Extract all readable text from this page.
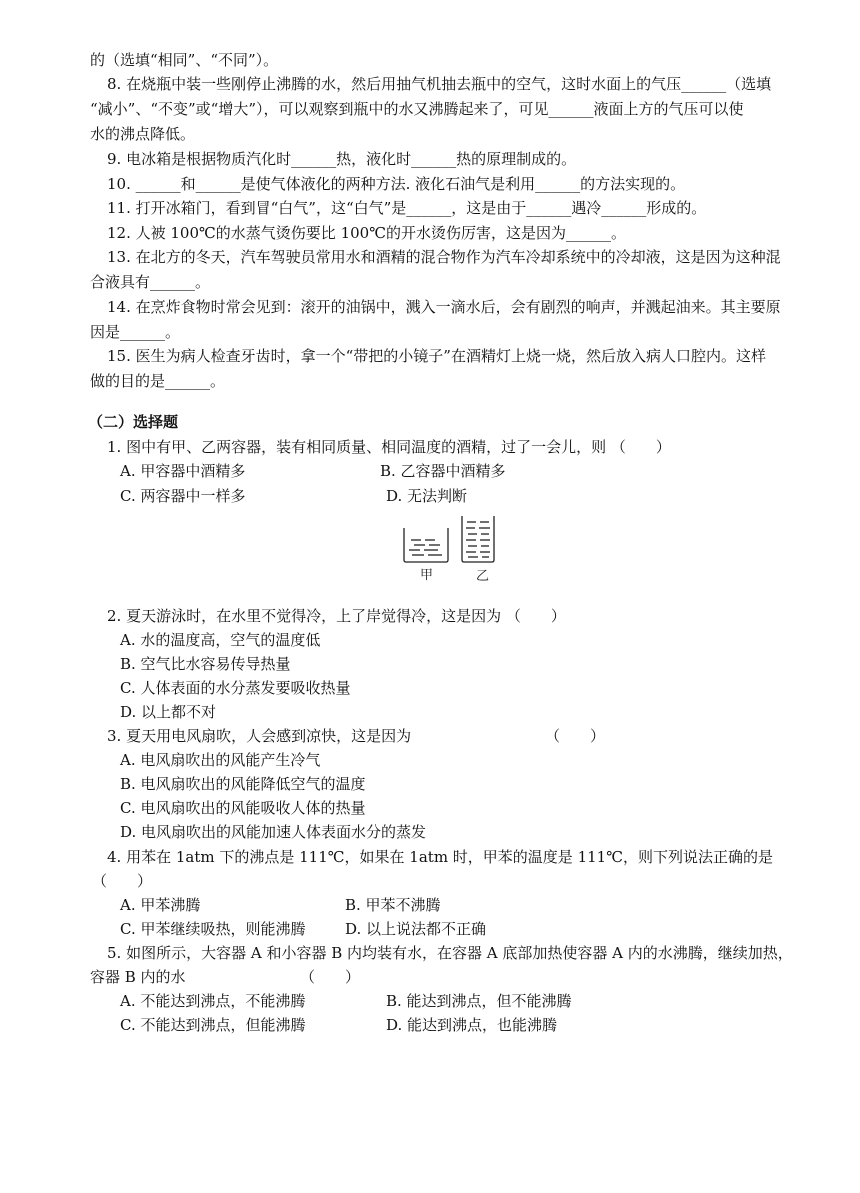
的（选填“相同”、“不同”）。
8. 在烧瓶中装一些刚停止沸腾的水，然后用抽气机抽去瓶中的空气，这时水面上的气压______（选填
“减小”、“不变”或“增大”），可以观察到瓶中的水又沸腾起来了，可见______液面上方的气压可以使
水的沸点降低。
9. 电冰箱是根据物质汽化时______热，液化时______热的原理制成的。
10. ______和______是使气体液化的两种方法. 液化石油气是利用______的方法实现的。
11. 打开冰箱门，看到冒“白气”，这“白气”是______，这是由于______遇冷______形成的。
12. 人被 100℃的水蒸气烫伤要比 100℃的开水烫伤厉害，这是因为______。
13. 在北方的冬天，汽车驾驶员常用水和酒精的混合物作为汽车冷却系统中的冷却液，这是因为这种混
合液具有______。
14. 在烹炸食物时常会见到：滚开的油锅中，溅入一滴水后，会有剧烈的响声，并溅起油来。其主要原
因是______。
15. 医生为病人检查牙齿时，拿一个“带把的小镜子”在酒精灯上烧一烧，然后放入病人口腔内。这样
做的目的是______。
（二）选择题
1. 图中有甲、乙两容器，装有相同质量、相同温度的酒精，过了一会儿，则 （　　）
A. 甲容器中酒精多	B. 乙容器中酒精多
C. 两容器中一样多	D. 无法判断
甲	乙
2. 夏天游泳时，在水里不觉得冷，上了岸觉得冷，这是因为 （　　）
A. 水的温度高，空气的温度低
B. 空气比水容易传导热量
C. 人体表面的水分蒸发要吸收热量
D. 以上都不对
3. 夏天用电风扇吹，人会感到凉快，这是因为	（　　）
A. 电风扇吹出的风能产生冷气
B. 电风扇吹出的风能降低空气的温度
C. 电风扇吹出的风能吸收人体的热量
D. 电风扇吹出的风能加速人体表面水分的蒸发
4. 用苯在 1atm 下的沸点是 111℃，如果在 1atm 时，甲苯的温度是 111℃，则下列说法正确的是
（　　）
A. 甲苯沸腾	B. 甲苯不沸腾
C. 甲苯继续吸热，则能沸腾	D. 以上说法都不正确
5. 如图所示，大容器 A 和小容器 B 内均装有水，在容器 A 底部加热使容器 A 内的水沸腾，继续加热，
容器 B 内的水	（　　）
A. 不能达到沸点，不能沸腾	B. 能达到沸点，但不能沸腾
C. 不能达到沸点，但能沸腾	D. 能达到沸点，也能沸腾
